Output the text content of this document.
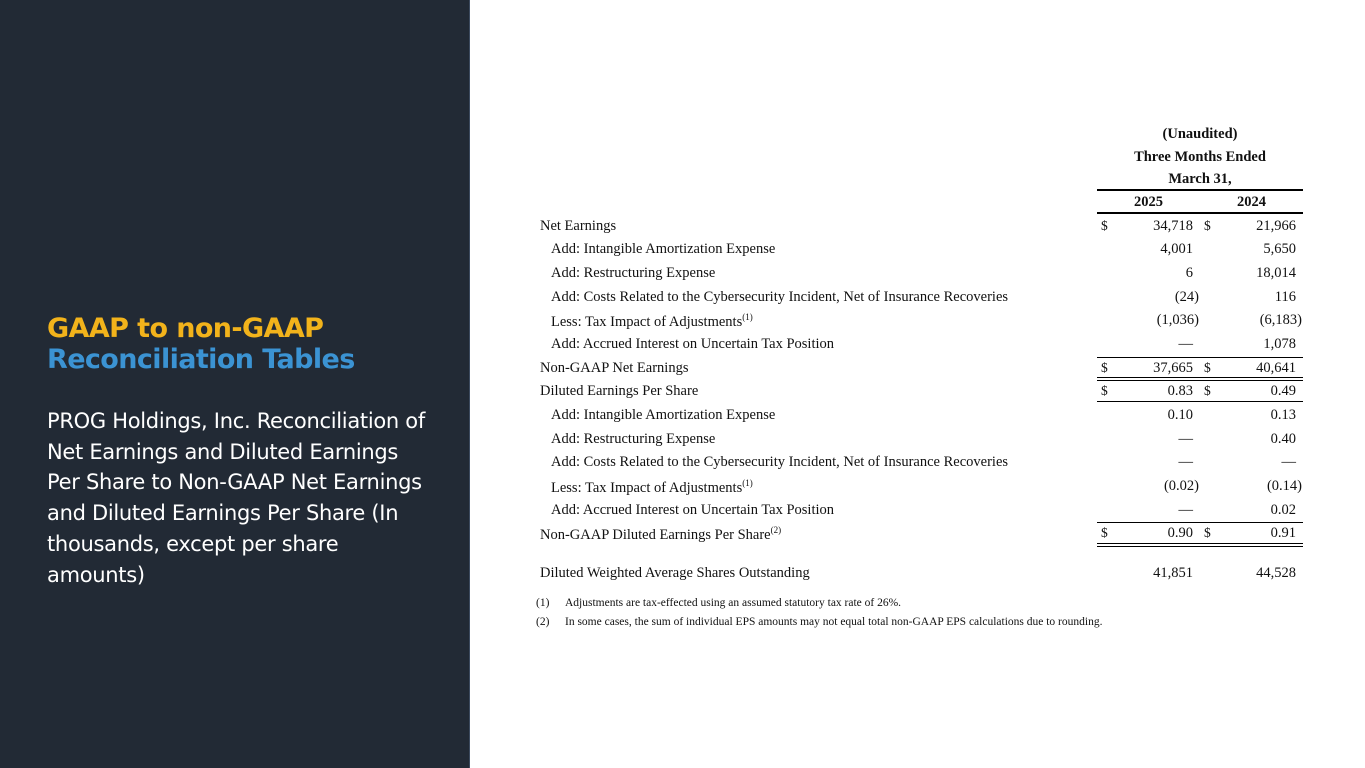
GAAP to non-GAAP
Reconciliation Tables
PROG Holdings, Inc. Reconciliation of Net Earnings and Diluted Earnings Per Share to Non-GAAP Net Earnings and Diluted Earnings Per Share (In thousands, except per share amounts)
(Unaudited)
Three Months Ended
March 31,
2025	2024
Net Earnings	34,718	21,966
$	$
Add: Intangible Amortization Expense	4,001	5,650
Add: Restructuring Expense	6	18,014
Add: Costs Related to the Cybersecurity Incident, Net of Insurance Recoveries	(24)	116
Less: Tax Impact of Adjustments$^{(1)}$	(1,036)	(6,183)
Add: Accrued Interest on Uncertain Tax Position	—	1,078
Non-GAAP Net Earnings	37,665	40,641
$	$
Diluted Earnings Per Share	0.83	0.49
$	$
Add: Intangible Amortization Expense	0.10	0.13
Add: Restructuring Expense	—	0.40
Add: Costs Related to the Cybersecurity Incident, Net of Insurance Recoveries	—	—
Less: Tax Impact of Adjustments$^{(1)}$	(0.02)	(0.14)
Add: Accrued Interest on Uncertain Tax Position	—	0.02
Non-GAAP Diluted Earnings Per Share$^{(2)}$	0.90	0.91
$	$
Diluted Weighted Average Shares Outstanding	41,851	44,528
(1) Adjustments are tax-effected using an assumed statutory tax rate of 26%.
(2) In some cases, the sum of individual EPS amounts may not equal total non-GAAP EPS calculations due to rounding.
